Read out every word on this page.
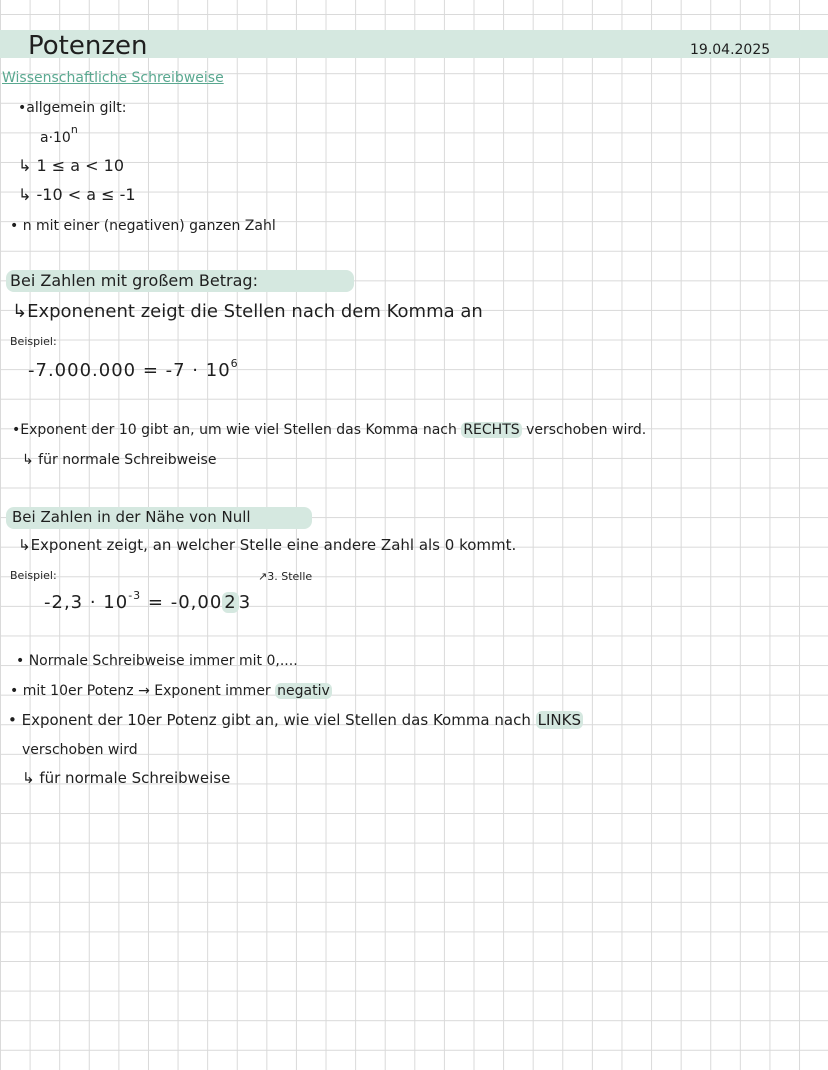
Potenzen	19.04.2025
Wissenschaftliche Schreibweise
•allgemein gilt:
$a\cdot 10^n$
↳ 1 ≤ a < 10
↳ -10 < a ≤ -1
• n mit einer (negativen) ganzen Zahl
Bei Zahlen mit großem Betrag:
↳Exponenent zeigt die Stellen nach dem Komma an
Beispiel:
$-7.000.000 = -7 \cdot 10^6$
•Exponent der 10 gibt an, um wie viel Stellen das Komma nach RECHTS verschoben wird.
↳ für normale Schreibweise
Bei Zahlen in der Nähe von Null
↳Exponent zeigt, an welcher Stelle eine andere Zahl als 0 kommt.
Beispiel:	↗3. Stelle
$-2,3 \cdot 10^{-3} = -0,00$ 2 3
• Normale Schreibweise immer mit 0,....
• mit 10er Potenz → Exponent immer negativ
• Exponent der 10er Potenz gibt an, wie viel Stellen das Komma nach LINKS
verschoben wird
↳ für normale Schreibweise
